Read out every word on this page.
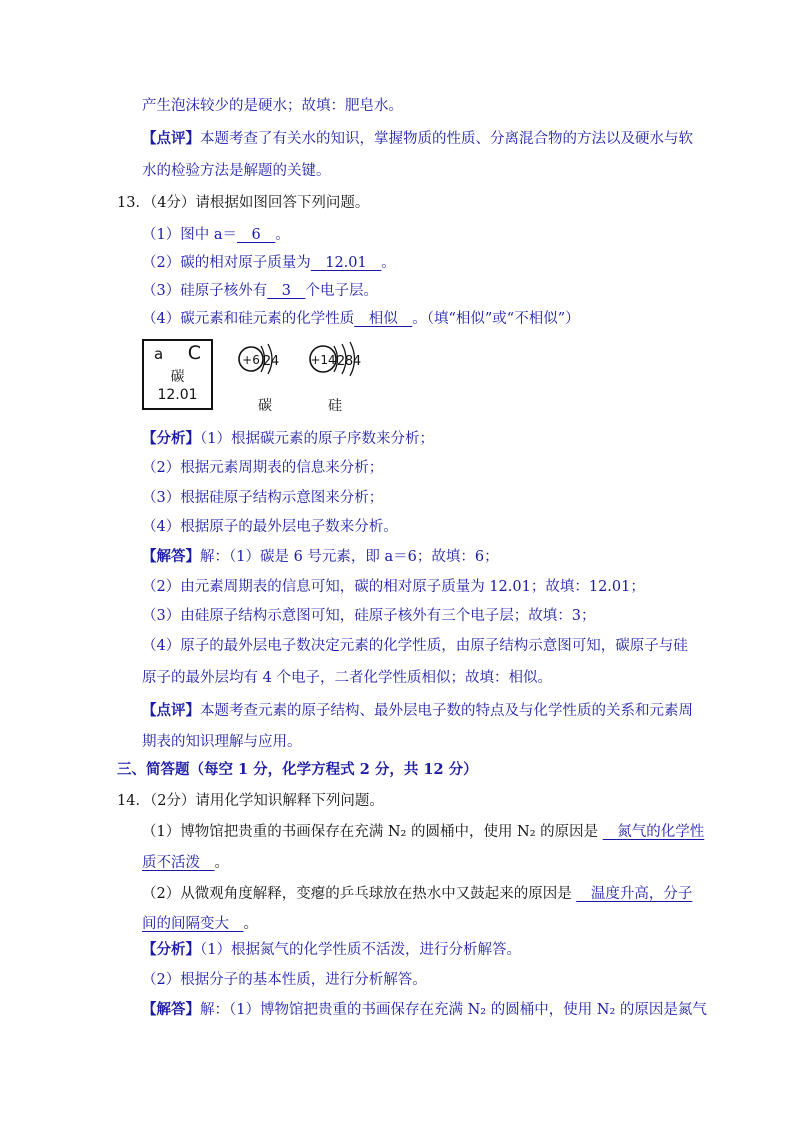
产生泡沫较少的是硬水；故填：肥皂水。
【点评】本题考查了有关水的知识，掌握物质的性质、分离混合物的方法以及硬水与软
水的检验方法是解题的关键。
13．（4分）请根据如图回答下列问题。
（1）图中 a＝__6__。
（2）碳的相对原子质量为__12.01__。
（3）硅原子核外有__3__个电子层。
（4）碳元素和硅元素的化学性质__相似__。（填“相似”或“不相似”）
a C
碳
12.01
+6 2 4	+14 2 8 4
碳	硅
【分析】（1）根据碳元素的原子序数来分析；
（2）根据元素周期表的信息来分析；
（3）根据硅原子结构示意图来分析；
（4）根据原子的最外层电子数来分析。
【解答】解：（1）碳是 6 号元素，即 a＝6；故填：6；
（2）由元素周期表的信息可知，碳的相对原子质量为 12.01；故填：12.01；
（3）由硅原子结构示意图可知，硅原子核外有三个电子层；故填：3；
（4）原子的最外层电子数决定元素的化学性质，由原子结构示意图可知，碳原子与硅
原子的最外层均有 4 个电子，二者化学性质相似；故填：相似。
【点评】本题考查元素的原子结构、最外层电子数的特点及与化学性质的关系和元素周
期表的知识理解与应用。
三、简答题（每空 1 分，化学方程式 2 分，共 12 分）
14．（2分）请用化学知识解释下列问题。
（1）博物馆把贵重的书画保存在充满 N₂ 的圆桶中，使用 N₂ 的原因是 __氮气的化学性
质不活泼__。
（2）从微观角度解释，变瘪的乒乓球放在热水中又鼓起来的原因是 __温度升高，分子
间的间隔变大__。
【分析】（1）根据氮气的化学性质不活泼，进行分析解答。
（2）根据分子的基本性质，进行分析解答。
【解答】解：（1）博物馆把贵重的书画保存在充满 N₂ 的圆桶中，使用 N₂ 的原因是氮气
